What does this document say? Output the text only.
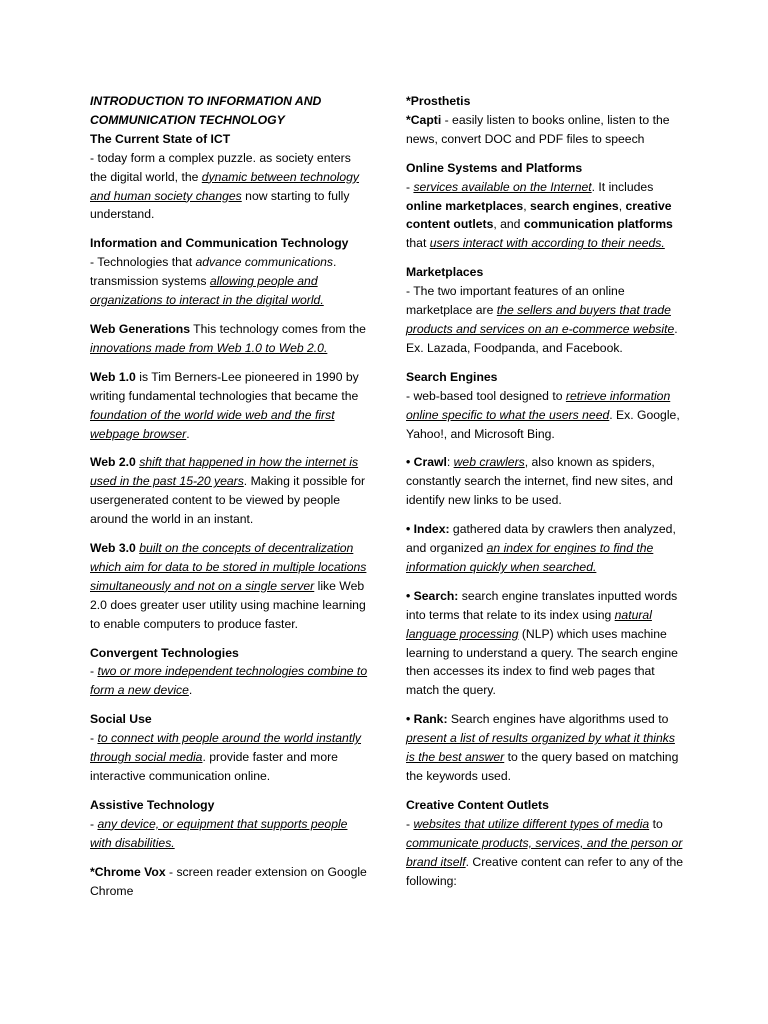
INTRODUCTION TO INFORMATION AND

COMMUNICATION TECHNOLOGY

The Current State of ICT

- today form a complex puzzle. as society enters the digital world, the dynamic between technology and human society changes now starting to fully understand.

Information and Communication Technology

- Technologies that advance communications. transmission systems allowing people and organizations to interact in the digital world.

Web Generations This technology comes from the innovations made from Web 1.0 to Web 2.0.

Web 1.0 is Tim Berners-Lee pioneered in 1990 by writing fundamental technologies that became the foundation of the world wide web and the first webpage browser.

Web 2.0 shift that happened in how the internet is used in the past 15-20 years. Making it possible for usergenerated content to be viewed by people around the world in an instant.

Web 3.0 built on the concepts of decentralization which aim for data to be stored in multiple locations simultaneously and not on a single server like Web 2.0 does greater user utility using machine learning to enable computers to produce faster.

Convergent Technologies

- two or more independent technologies combine to form a new device.

Social Use

- to connect with people around the world instantly through social media. provide faster and more interactive communication online.

Assistive Technology

- any device, or equipment that supports people with disabilities.

*Chrome Vox - screen reader extension on Google Chrome

*Prosthetis

*Capti - easily listen to books online, listen to the news, convert DOC and PDF files to speech

Online Systems and Platforms

- services available on the Internet. It includes online marketplaces, search engines, creative content outlets, and communication platforms that users interact with according to their needs.

Marketplaces

- The two important features of an online marketplace are the sellers and buyers that trade products and services on an e-commerce website. Ex. Lazada, Foodpanda, and Facebook.

Search Engines

- web-based tool designed to retrieve information online specific to what the users need. Ex. Google, Yahoo!, and Microsoft Bing.

• Crawl: web crawlers, also known as spiders, constantly search the internet, find new sites, and identify new links to be used.

• Index: gathered data by crawlers then analyzed, and organized an index for engines to find the information quickly when searched.

• Search: search engine translates inputted words into terms that relate to its index using natural language processing (NLP) which uses machine learning to understand a query. The search engine then accesses its index to find web pages that match the query.

• Rank: Search engines have algorithms used to present a list of results organized by what it thinks is the best answer to the query based on matching the keywords used.

Creative Content Outlets

- websites that utilize different types of media to communicate products, services, and the person or brand itself. Creative content can refer to any of the following:
